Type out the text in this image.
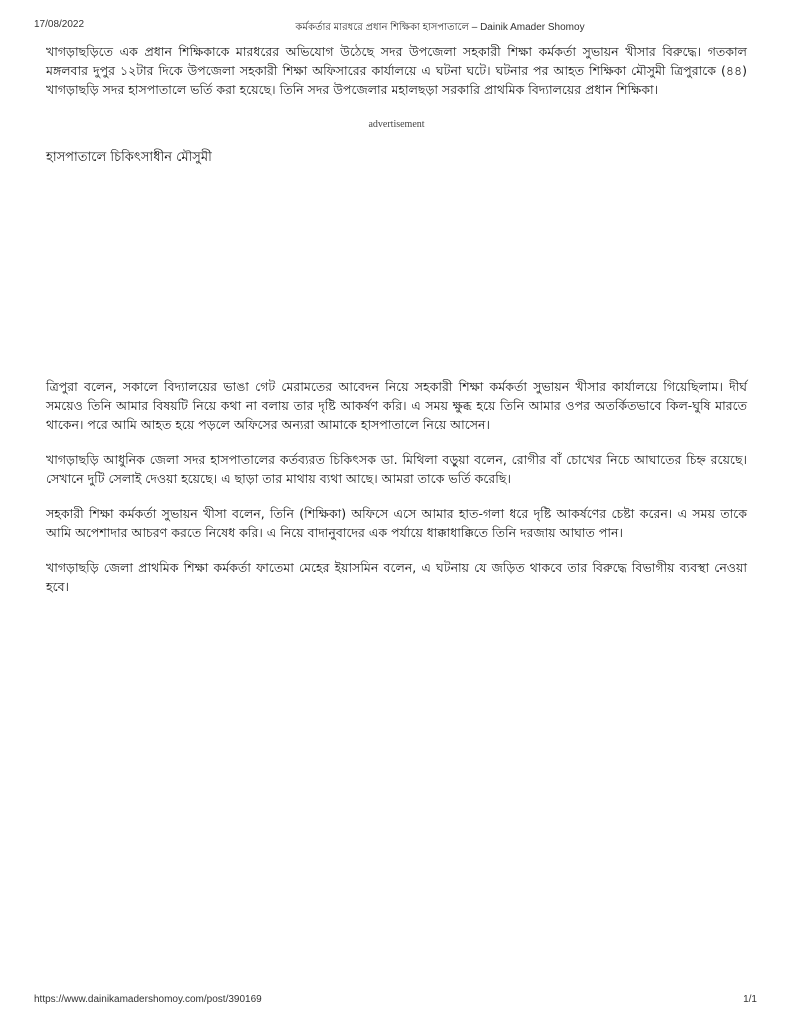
17/08/2022	কর্মকর্তার মারধরে প্রধান শিক্ষিকা হাসপাতালে – Dainik Amader Shomoy

খাগড়াছড়িতে এক প্রধান শিক্ষিকাকে মারধরের অভিযোগ উঠেছে সদর উপজেলা সহকারী শিক্ষা কর্মকর্তা সুভায়ন খীসার বিরুদ্ধে। গতকাল মঙ্গলবার দুপুর ১২টার দিকে উপজেলা সহকারী শিক্ষা অফিসারের কার্যালয়ে এ ঘটনা ঘটে। ঘটনার পর আহত শিক্ষিকা মৌসুমী ত্রিপুরাকে (৪৪) খাগড়াছড়ি সদর হাসপাতালে ভর্তি করা হয়েছে। তিনি সদর উপজেলার মহালছড়া সরকারি প্রাথমিক বিদ্যালয়ের প্রধান শিক্ষিকা।

advertisement

হাসপাতালে চিকিৎসাধীন মৌসুমী

ত্রিপুরা বলেন, সকালে বিদ্যালয়ের ভাঙা গেট মেরামতের আবেদন নিয়ে সহকারী শিক্ষা কর্মকর্তা সুভায়ন খীসার কার্যালয়ে গিয়েছিলাম। দীর্ঘ সময়েও তিনি আমার বিষয়টি নিয়ে কথা না বলায় তার দৃষ্টি আকর্ষণ করি। এ সময় ক্ষুব্ধ হয়ে তিনি আমার ওপর অতর্কিতভাবে কিল-ঘুষি মারতে থাকেন। পরে আমি আহত হয়ে পড়লে অফিসের অন্যরা আমাকে হাসপাতালে নিয়ে আসেন।

খাগড়াছড়ি আধুনিক জেলা সদর হাসপাতালের কর্তব্যরত চিকিৎসক ডা. মিথিলা বড়ুয়া বলেন, রোগীর বাঁ চোখের নিচে আঘাতের চিহ্ন রয়েছে। সেখানে দুটি সেলাই দেওয়া হয়েছে। এ ছাড়া তার মাথায় ব্যথা আছে। আমরা তাকে ভর্তি করেছি।

সহকারী শিক্ষা কর্মকর্তা সুভায়ন খীসা বলেন, তিনি (শিক্ষিকা) অফিসে এসে আমার হাত-গলা ধরে দৃষ্টি আকর্ষণের চেষ্টা করেন। এ সময় তাকে আমি অপেশাদার আচরণ করতে নিষেধ করি। এ নিয়ে বাদানুবাদের এক পর্যায়ে ধাক্কাধাক্কিতে তিনি দরজায় আঘাত পান।

খাগড়াছড়ি জেলা প্রাথমিক শিক্ষা কর্মকর্তা ফাতেমা মেহের ইয়াসমিন বলেন, এ ঘটনায় যে জড়িত থাকবে তার বিরুদ্ধে বিভাগীয় ব্যবস্থা নেওয়া হবে।

https://www.dainikamadershomoy.com/post/390169	1/1
